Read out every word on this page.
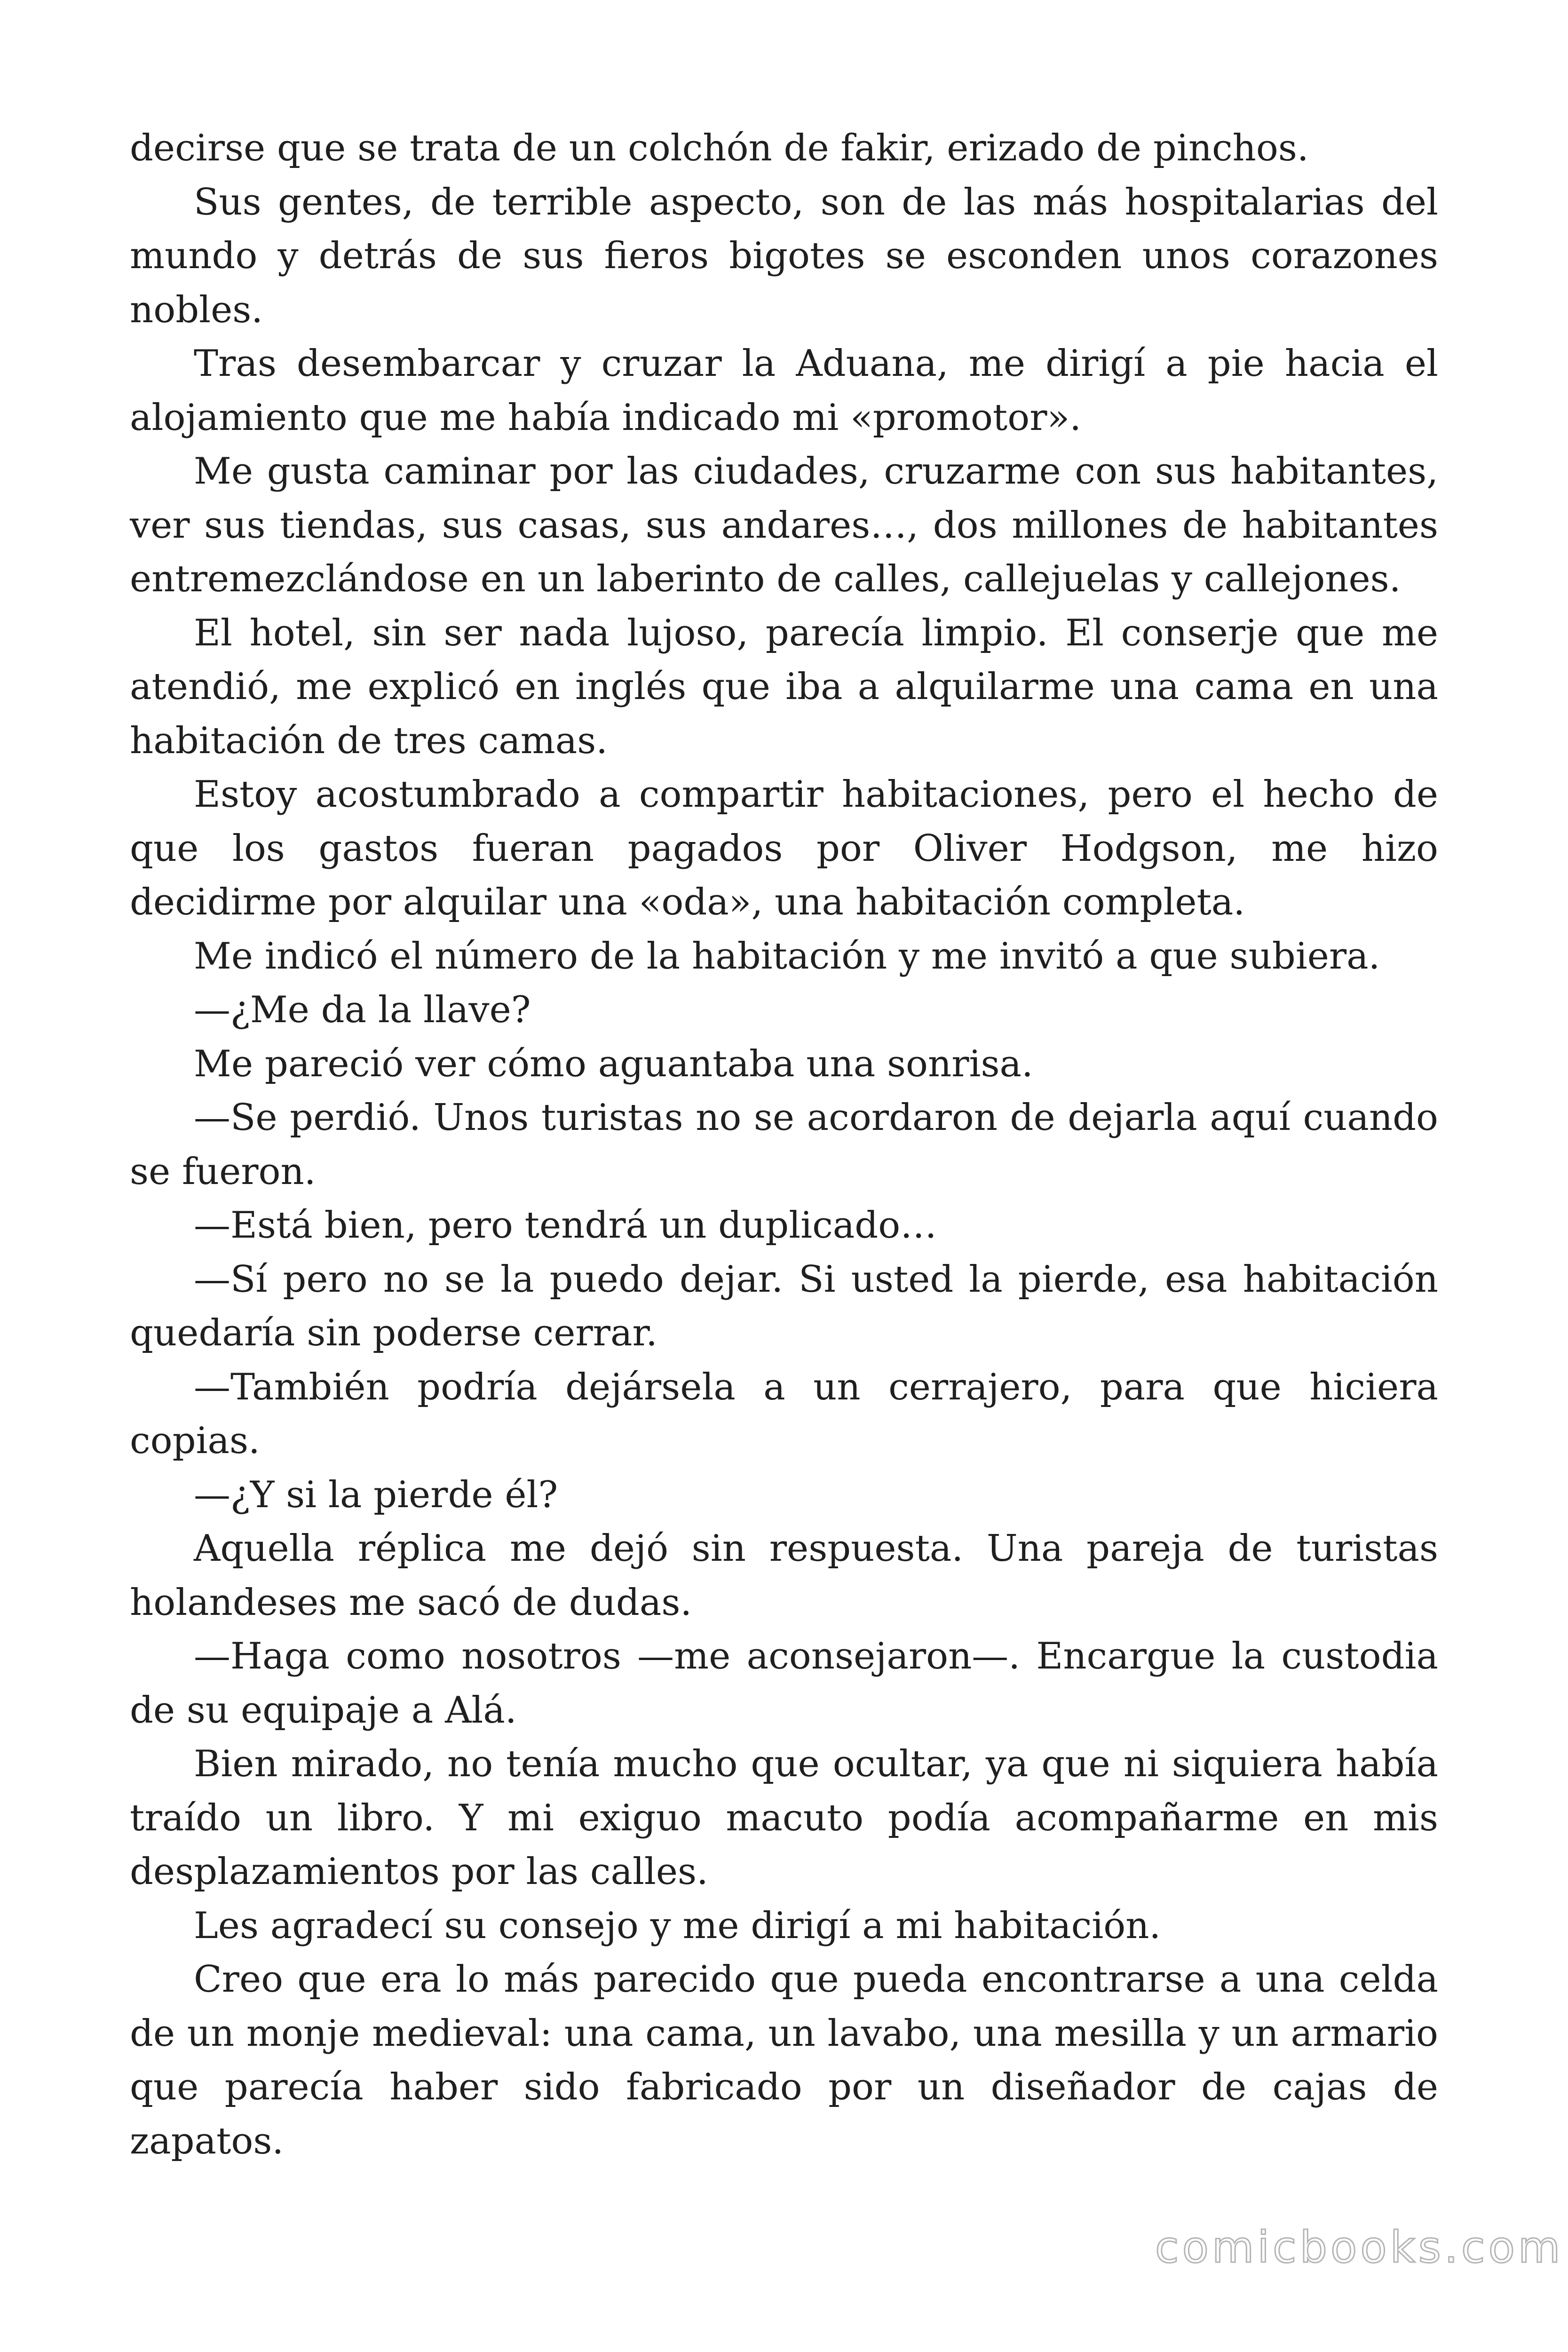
decirse que se trata de un colchón de fakir, erizado de pinchos.

Sus gentes, de terrible aspecto, son de las más hospitalarias del mundo y detrás de sus fieros bigotes se esconden unos corazones nobles.

Tras desembarcar y cruzar la Aduana, me dirigí a pie hacia el alojamiento que me había indicado mi «promotor».

Me gusta caminar por las ciudades, cruzarme con sus habitantes, ver sus tiendas, sus casas, sus andares…, dos millones de habitantes entremezclándose en un laberinto de calles, callejuelas y callejones.

El hotel, sin ser nada lujoso, parecía limpio. El conserje que me atendió, me explicó en inglés que iba a alquilarme una cama en una habitación de tres camas.

Estoy acostumbrado a compartir habitaciones, pero el hecho de que los gastos fueran pagados por Oliver Hodgson, me hizo decidirme por alquilar una «oda», una habitación completa.

Me indicó el número de la habitación y me invitó a que subiera.

—¿Me da la llave?

Me pareció ver cómo aguantaba una sonrisa.

—Se perdió. Unos turistas no se acordaron de dejarla aquí cuando se fueron.

—Está bien, pero tendrá un duplicado…

—Sí pero no se la puedo dejar. Si usted la pierde, esa habitación quedaría sin poderse cerrar.

—También podría dejársela a un cerrajero, para que hiciera copias.

—¿Y si la pierde él?

Aquella réplica me dejó sin respuesta. Una pareja de turistas holandeses me sacó de dudas.

—Haga como nosotros —me aconsejaron—. Encargue la custodia de su equipaje a Alá.

Bien mirado, no tenía mucho que ocultar, ya que ni siquiera había traído un libro. Y mi exiguo macuto podía acompañarme en mis desplazamientos por las calles.

Les agradecí su consejo y me dirigí a mi habitación.

Creo que era lo más parecido que pueda encontrarse a una celda de un monje medieval: una cama, un lavabo, una mesilla y un armario que parecía haber sido fabricado por un diseñador de cajas de zapatos.

comicbooks.com
